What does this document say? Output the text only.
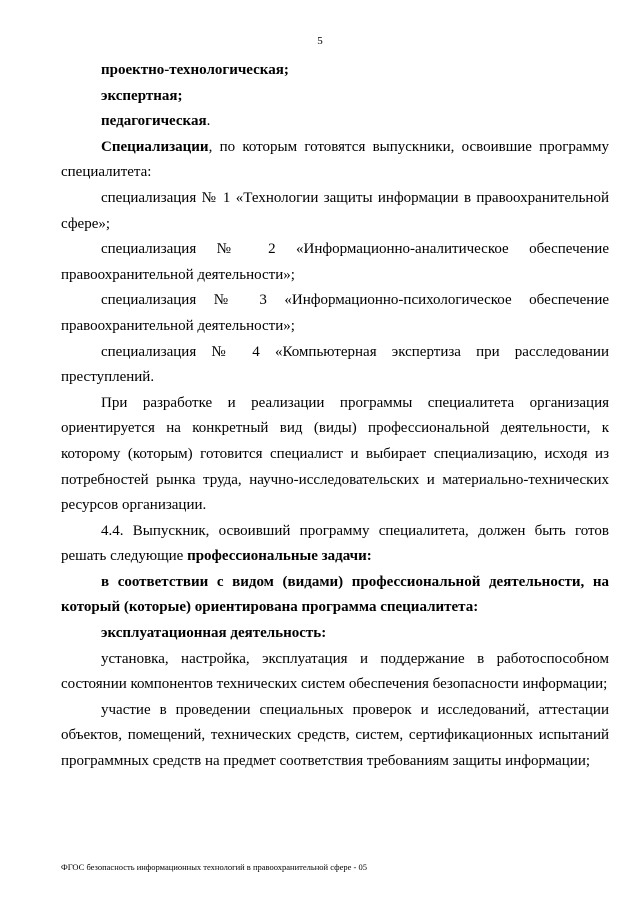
5

проектно-технологическая;

экспертная;

педагогическая.

Специализации, по которым готовятся выпускники, освоившие программу специалитета:

специализация № 1 «Технологии защиты информации в правоохранительной сфере»;

специализация № 2 «Информационно-аналитическое обеспечение правоохранительной деятельности»;

специализация № 3 «Информационно-психологическое обеспечение правоохранительной деятельности»;

специализация № 4 «Компьютерная экспертиза при расследовании преступлений.

При разработке и реализации программы специалитета организация ориентируется на конкретный вид (виды) профессиональной деятельности, к которому (которым) готовится специалист и выбирает специализацию, исходя из потребностей рынка труда, научно-исследовательских и материально-технических ресурсов организации.

4.4. Выпускник, освоивший программу специалитета, должен быть готов решать следующие профессиональные задачи:

в соответствии с видом (видами) профессиональной деятельности, на который (которые) ориентирована программа специалитета:

эксплуатационная деятельность:

установка, настройка, эксплуатация и поддержание в работоспособном состоянии компонентов технических систем обеспечения безопасности информации;

участие в проведении специальных проверок и исследований, аттестации объектов, помещений, технических средств, систем, сертификационных испытаний программных средств на предмет соответствия требованиям защиты информации;

ФГОС безопасность информационных технологий в правоохранительной сфере - 05
